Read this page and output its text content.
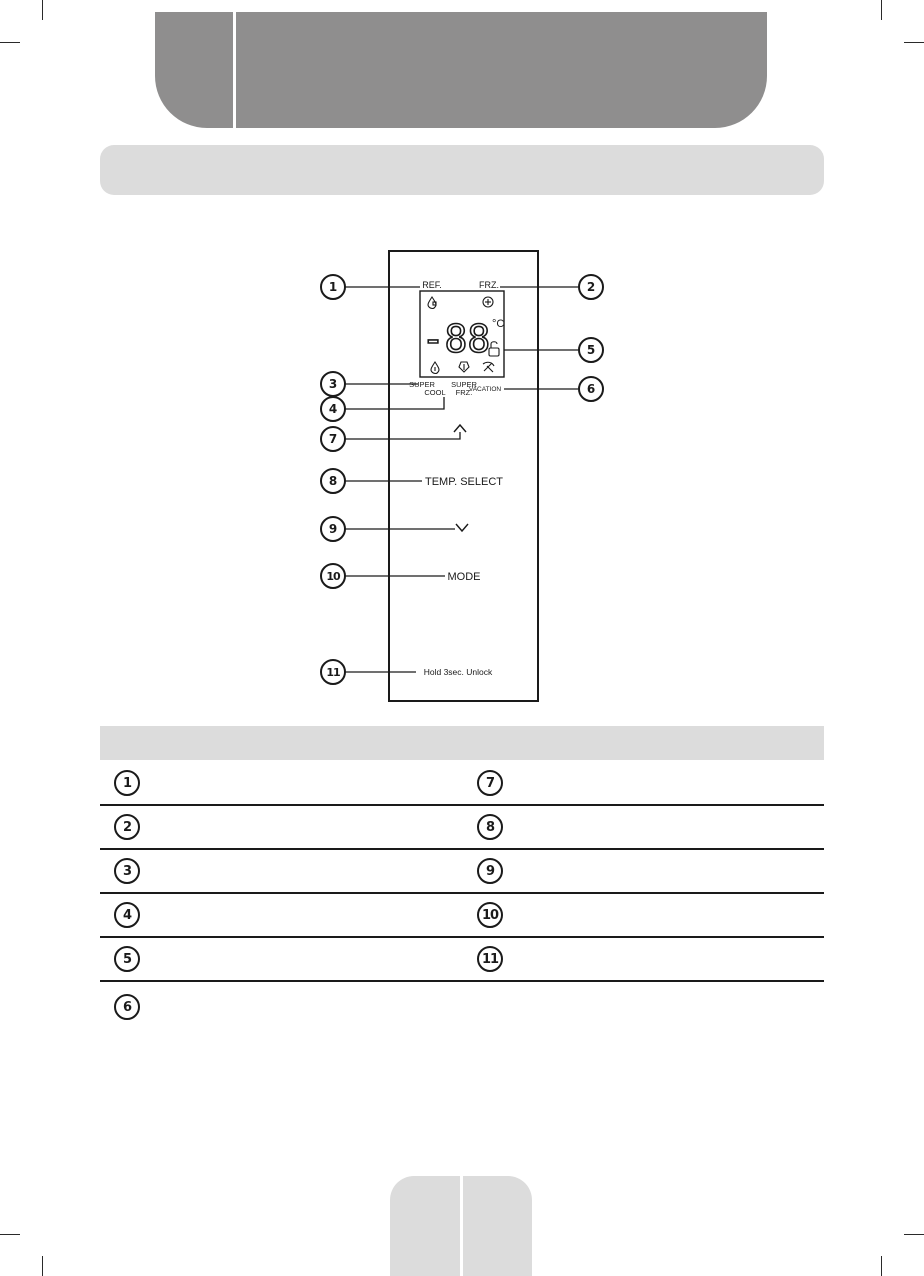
REF.	FRZ.
-88 °C
SUPER
COOL
SUPER
FRZ.
VACATION
TEMP. SELECT
MODE
Hold 3sec. Unlock
1	2
3
4
5
6
7
8
9
10
11
1
2
3
4
5
6
7
8
9
10
11
